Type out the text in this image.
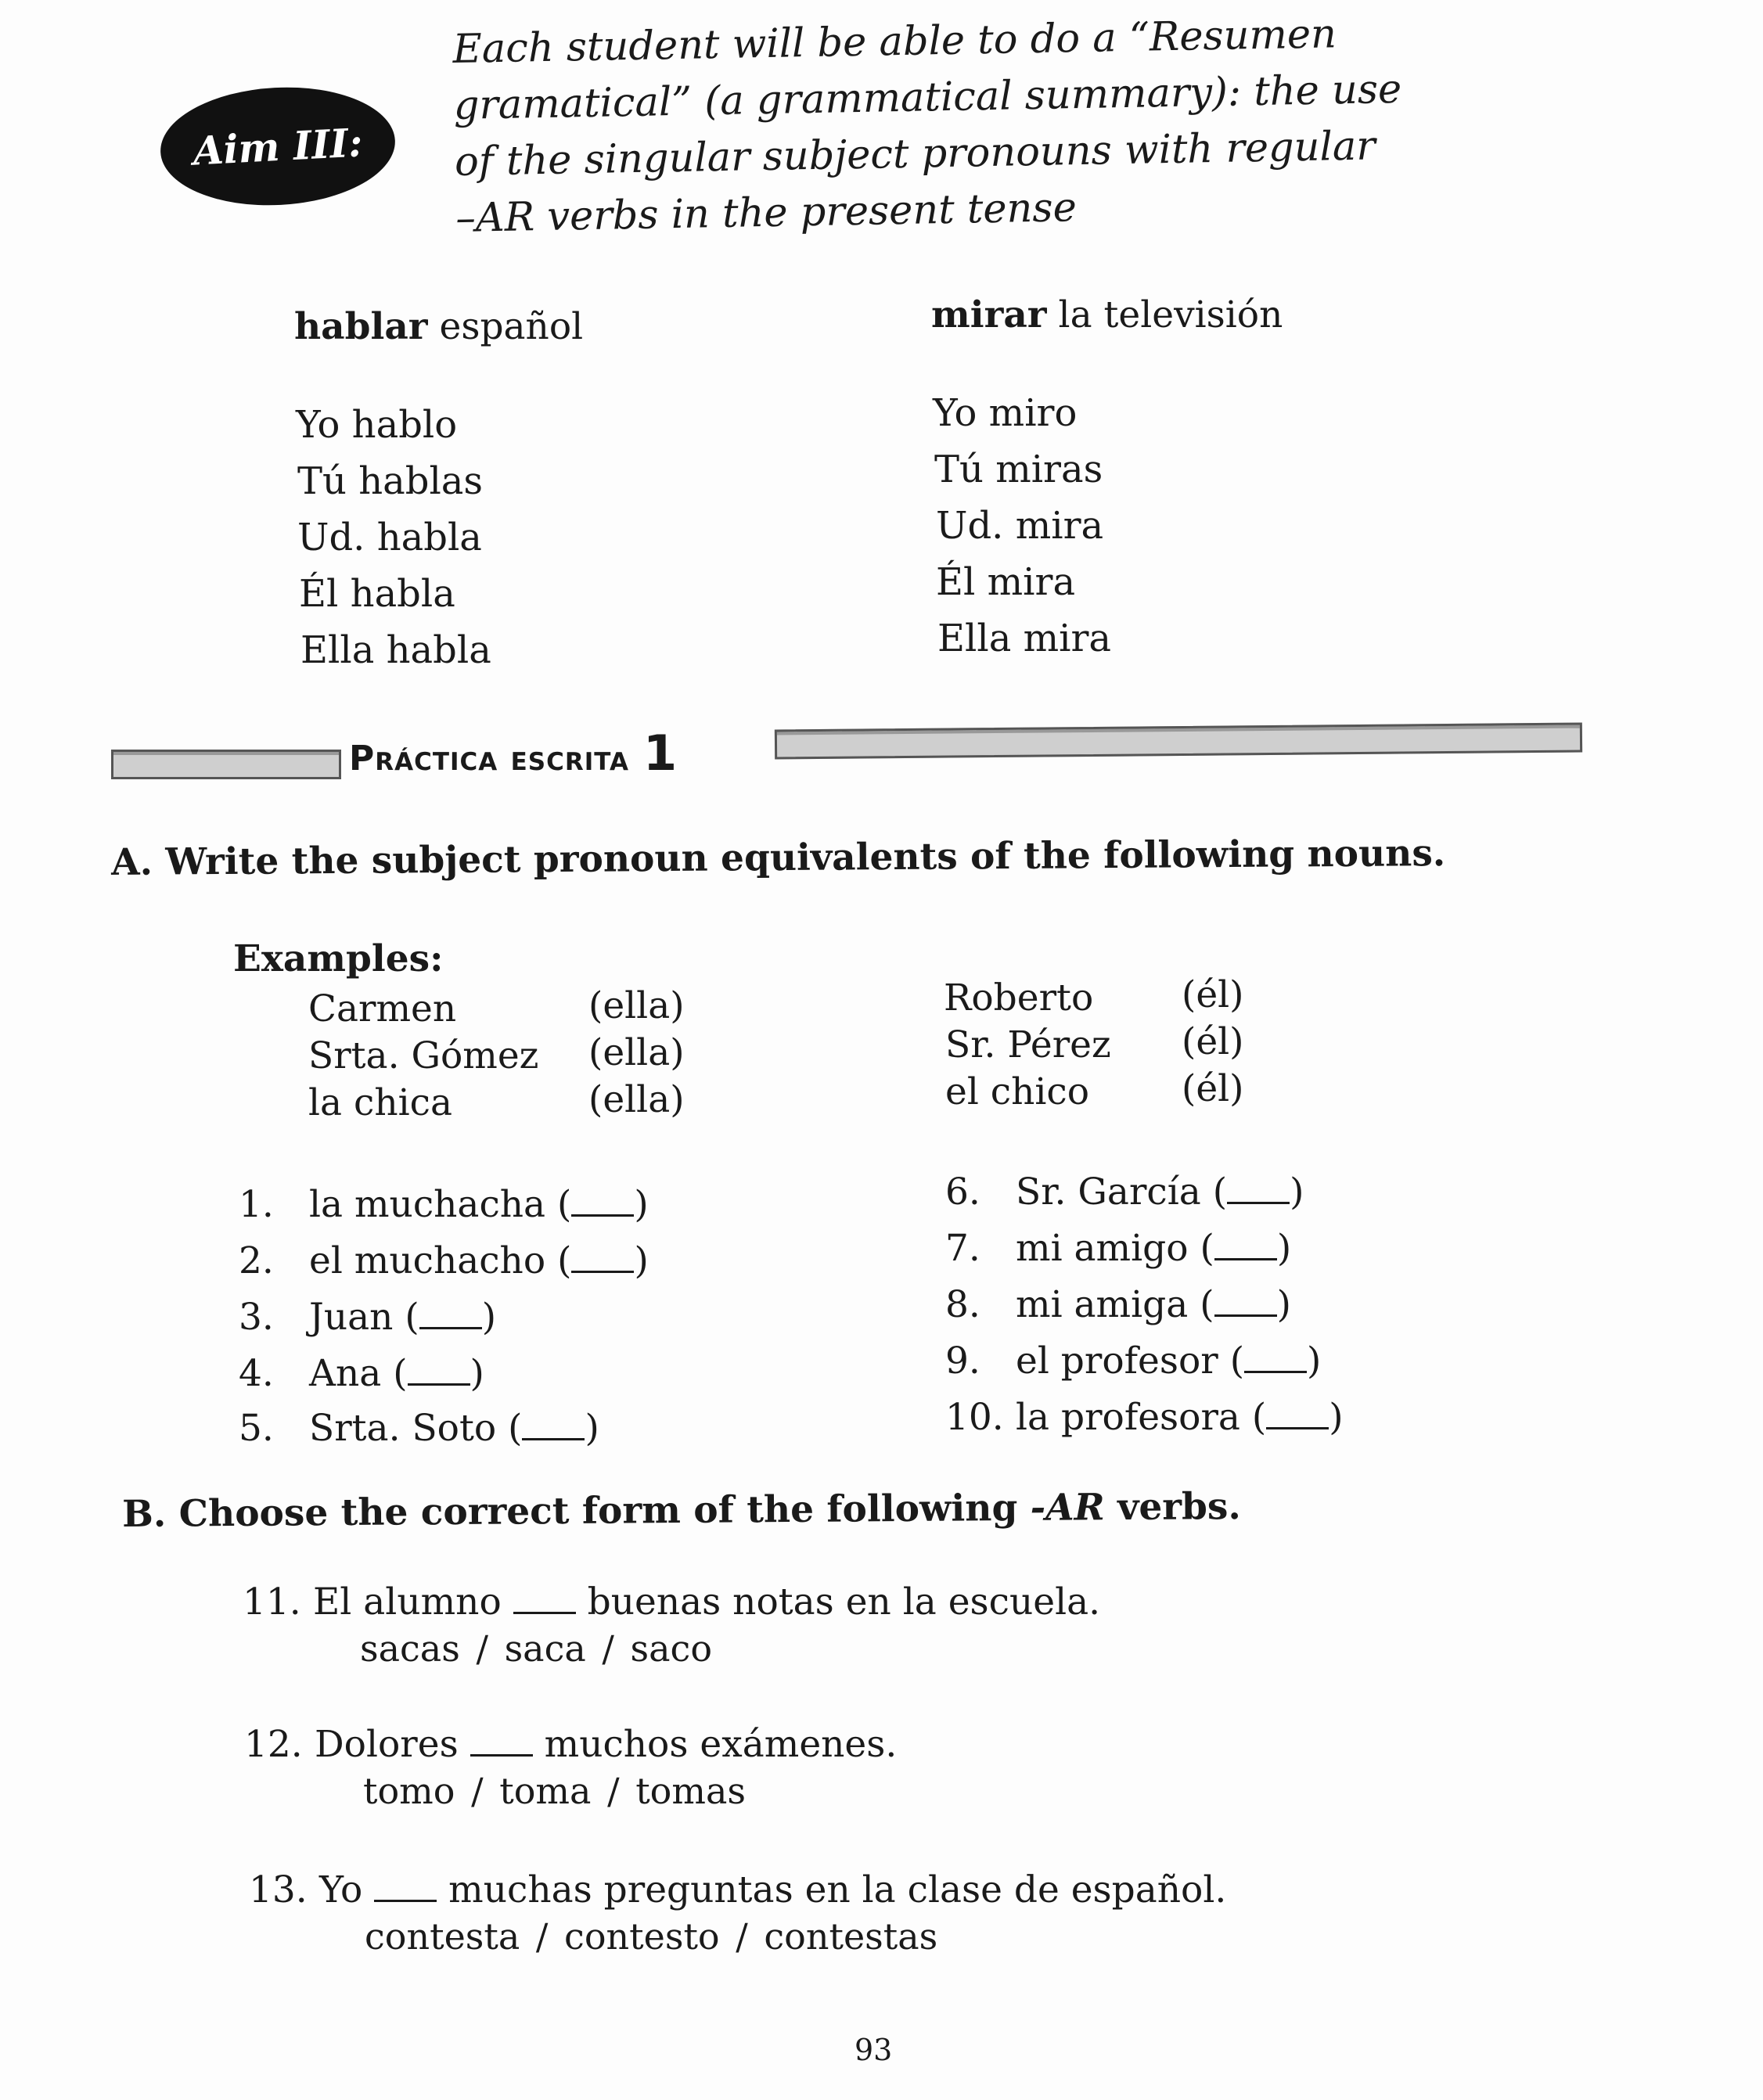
Aim III:
Each student will be able to do a “Resumen
gramatical” (a grammatical summary): the use
of the singular subject pronouns with regular
–AR verbs in the present tense
hablar español
Yo hablo
Tú hablas
Ud. habla
Él habla
Ella habla
mirar la televisión
Yo miro
Tú miras
Ud. mira
Él mira
Ella mira
Práctica escrita 1
A. Write the subject pronoun equivalents of the following nouns.
Examples:
Carmen	(ella)
Srta. Gómez (ella)
la chica	(ella)
Roberto (él)
Sr. Pérez (él)
el chico	(él)
1. la muchacha ( )
2. el muchacho ( )
3. Juan ( )
4. Ana ( )
5. Srta. Soto ( )
6. Sr. García ( )
7. mi amigo ( )
8. mi amiga ( )
9. el profesor ( )
10. la profesora ( )
B. Choose the correct form of the following -AR verbs.
11. El alumno buenas notas en la escuela.
sacas / saca / saco
12. Dolores muchos exámenes.
tomo / toma / tomas
13. Yo muchas preguntas en la clase de español.
contesta / contesto / contestas
93
